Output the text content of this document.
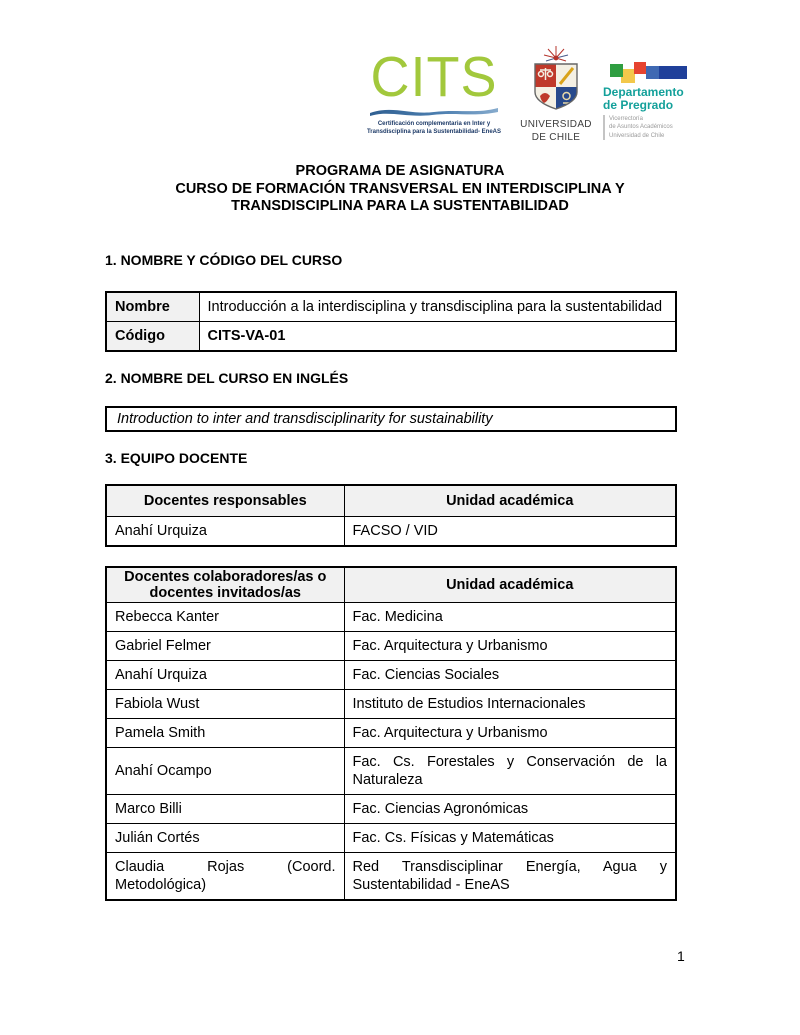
CITS
Certificación complementaria en Inter y
Transdisciplina para la Sustentabilidad- EneAS
UNIVERSIDAD
DE CHILE
Departamento
de Pregrado
Vicerrectoría
de Asuntos Académicos
Universidad de Chile
PROGRAMA DE ASIGNATURA
CURSO DE FORMACIÓN TRANSVERSAL EN INTERDISCIPLINA Y
TRANSDISCIPLINA PARA LA SUSTENTABILIDAD
1. NOMBRE Y CÓDIGO DEL CURSO
Nombre	Introducción a la interdisciplina y transdisciplina para la sustentabilidad
Código	CITS-VA-01
2. NOMBRE DEL CURSO EN INGLÉS
Introduction to inter and transdisciplinarity for sustainability
3. EQUIPO DOCENTE
Docentes responsables	Unidad académica
Anahí Urquiza	FACSO / VID
Docentes colaboradores/as o docentes invitados/as	Unidad académica
Rebecca Kanter	Fac. Medicina
Gabriel Felmer	Fac. Arquitectura y Urbanismo
Anahí Urquiza	Fac. Ciencias Sociales
Fabiola Wust	Instituto de Estudios Internacionales
Pamela Smith	Fac. Arquitectura y Urbanismo
Anahí Ocampo	Fac. Cs. Forestales y Conservación de la Naturaleza
Marco Billi	Fac. Ciencias Agronómicas
Julián Cortés	Fac. Cs. Físicas y Matemáticas
Claudia Rojas (Coord. Metodológica)	Red Transdisciplinar Energía, Agua y Sustentabilidad - EneAS
1
